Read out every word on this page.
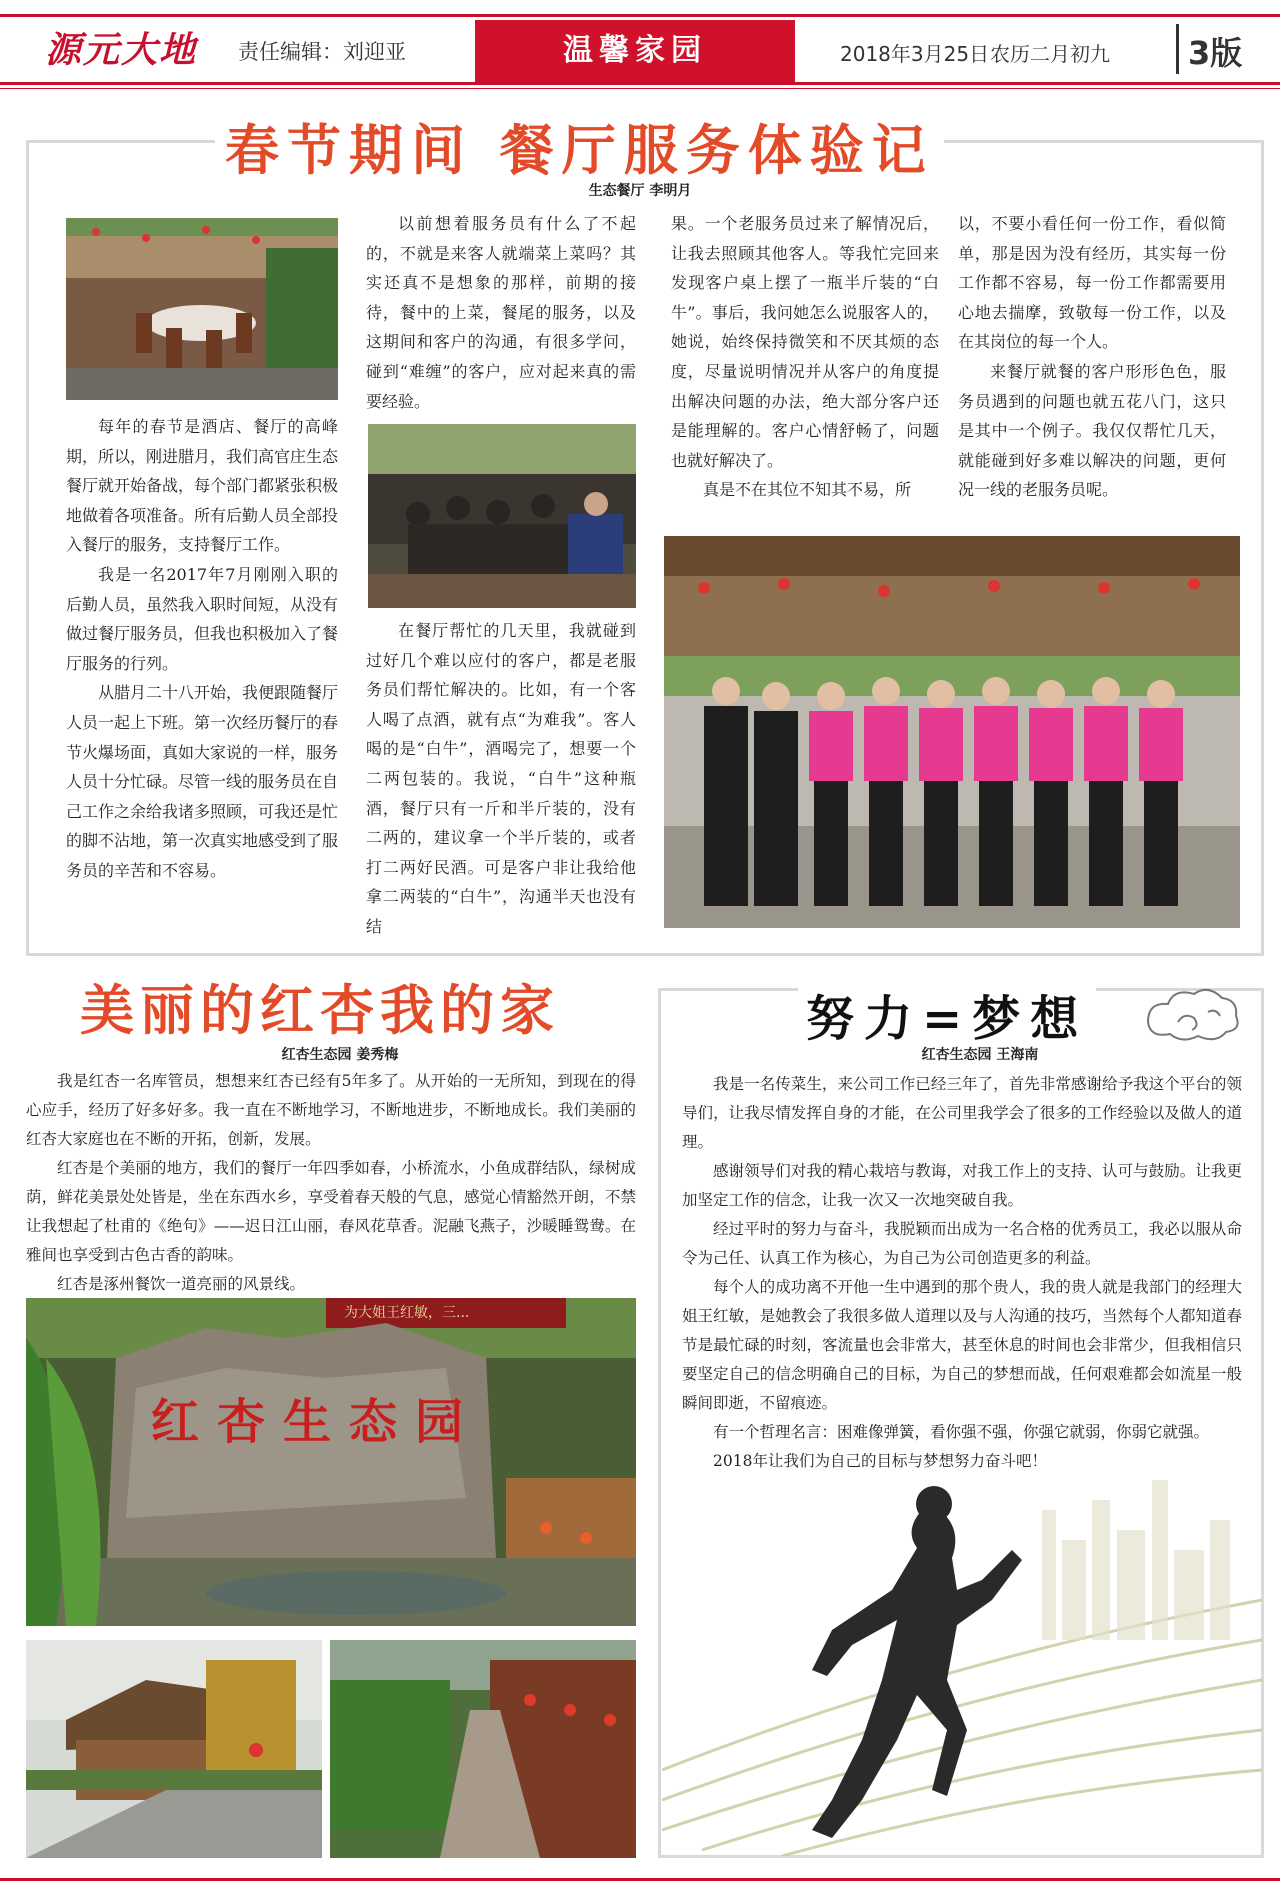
源元大地 责任编辑：刘迎亚	温馨家园	2018年3月25日 农历二月初九 3版
春节期间 餐厅服务体验记
生态餐厅 李明月

每年的春节是酒店、餐厅的高峰期，所以，刚进腊月，我们高官庄生态餐厅就开始备战，每个部门都紧张积极地做着各项准备。所有后勤人员全部投入餐厅的服务，支持餐厅工作。

我是一名2017年7月刚刚入职的后勤人员，虽然我入职时间短，从没有做过餐厅服务员，但我也积极加入了餐厅服务的行列。

从腊月二十八开始，我便跟随餐厅人员一起上下班。第一次经历餐厅的春节火爆场面，真如大家说的一样，服务人员十分忙碌。尽管一线的服务员在自己工作之余给我诸多照顾，可我还是忙的脚不沾地，第一次真实地感受到了服务员的辛苦和不容易。

以前想着服务员有什么了不起的，不就是来客人就端菜上菜吗？其实还真不是想象的那样，前期的接待，餐中的上菜，餐尾的服务，以及这期间和客户的沟通，有很多学问，碰到“难缠”的客户，应对起来真的需要经验。

在餐厅帮忙的几天里，我就碰到过好几个难以应付的客户，都是老服务员们帮忙解决的。比如，有一个客人喝了点酒，就有点“为难我”。客人喝的是“白牛”，酒喝完了，想要一个二两包装的。我说，“白牛”这种瓶酒，餐厅只有一斤和半斤装的，没有二两的，建议拿一个半斤装的，或者打二两好民酒。可是客户非让我给他拿二两装的“白牛”，沟通半天也没有结

果。一个老服务员过来了解情况后，让我去照顾其他客人。等我忙完回来发现客户桌上摆了一瓶半斤装的“白牛”。事后，我问她怎么说服客人的，她说，始终保持微笑和不厌其烦的态度，尽量说明情况并从客户的角度提出解决问题的办法，绝大部分客户还是能理解的。客户心情舒畅了，问题也就好解决了。

真是不在其位不知其不易，所

以，不要小看任何一份工作，看似简单，那是因为没有经历，其实每一份工作都不容易，每一份工作都需要用心地去揣摩，致敬每一份工作，以及在其岗位的每一个人。

来餐厅就餐的客户形形色色，服务员遇到的问题也就五花八门，这只是其中一个例子。我仅仅帮忙几天，就能碰到好多难以解决的问题，更何况一线的老服务员呢。

美丽的红杏我的家
红杏生态园 姜秀梅

我是红杏一名库管员，想想来红杏已经有5年多了。从开始的一无所知，到现在的得心应手，经历了好多好多。我一直在不断地学习，不断地进步，不断地成长。我们美丽的红杏大家庭也在不断的开拓，创新，发展。

红杏是个美丽的地方，我们的餐厅一年四季如春，小桥流水，小鱼成群结队，绿树成荫，鲜花美景处处皆是，坐在东西水乡，享受着春天般的气息，感觉心情豁然开朗，不禁让我想起了杜甫的《绝句》——迟日江山丽，春风花草香。泥融飞燕子，沙暖睡鸳鸯。在雅间也享受到古色古香的韵味。

红杏是涿州餐饮一道亮丽的风景线。

红杏生态园
为大姐王红敏，三...
努力=梦想
红杏生态园 王海南

我是一名传菜生，来公司工作已经三年了，首先非常感谢给予我这个平台的领导们，让我尽情发挥自身的才能，在公司里我学会了很多的工作经验以及做人的道理。

感谢领导们对我的精心栽培与教诲，对我工作上的支持、认可与鼓励。让我更加坚定工作的信念，让我一次又一次地突破自我。

经过平时的努力与奋斗，我脱颖而出成为一名合格的优秀员工，我必以服从命令为己任、认真工作为核心，为自己为公司创造更多的利益。

每个人的成功离不开他一生中遇到的那个贵人，我的贵人就是我部门的经理大姐王红敏，是她教会了我很多做人道理以及与人沟通的技巧，当然每个人都知道春节是最忙碌的时刻，客流量也会非常大，甚至休息的时间也会非常少，但我相信只要坚定自己的信念明确自己的目标，为自己的梦想而战，任何艰难都会如流星一般瞬间即逝，不留痕迹。

有一个哲理名言：困难像弹簧，看你强不强，你强它就弱，你弱它就强。

2018年让我们为自己的目标与梦想努力奋斗吧！
